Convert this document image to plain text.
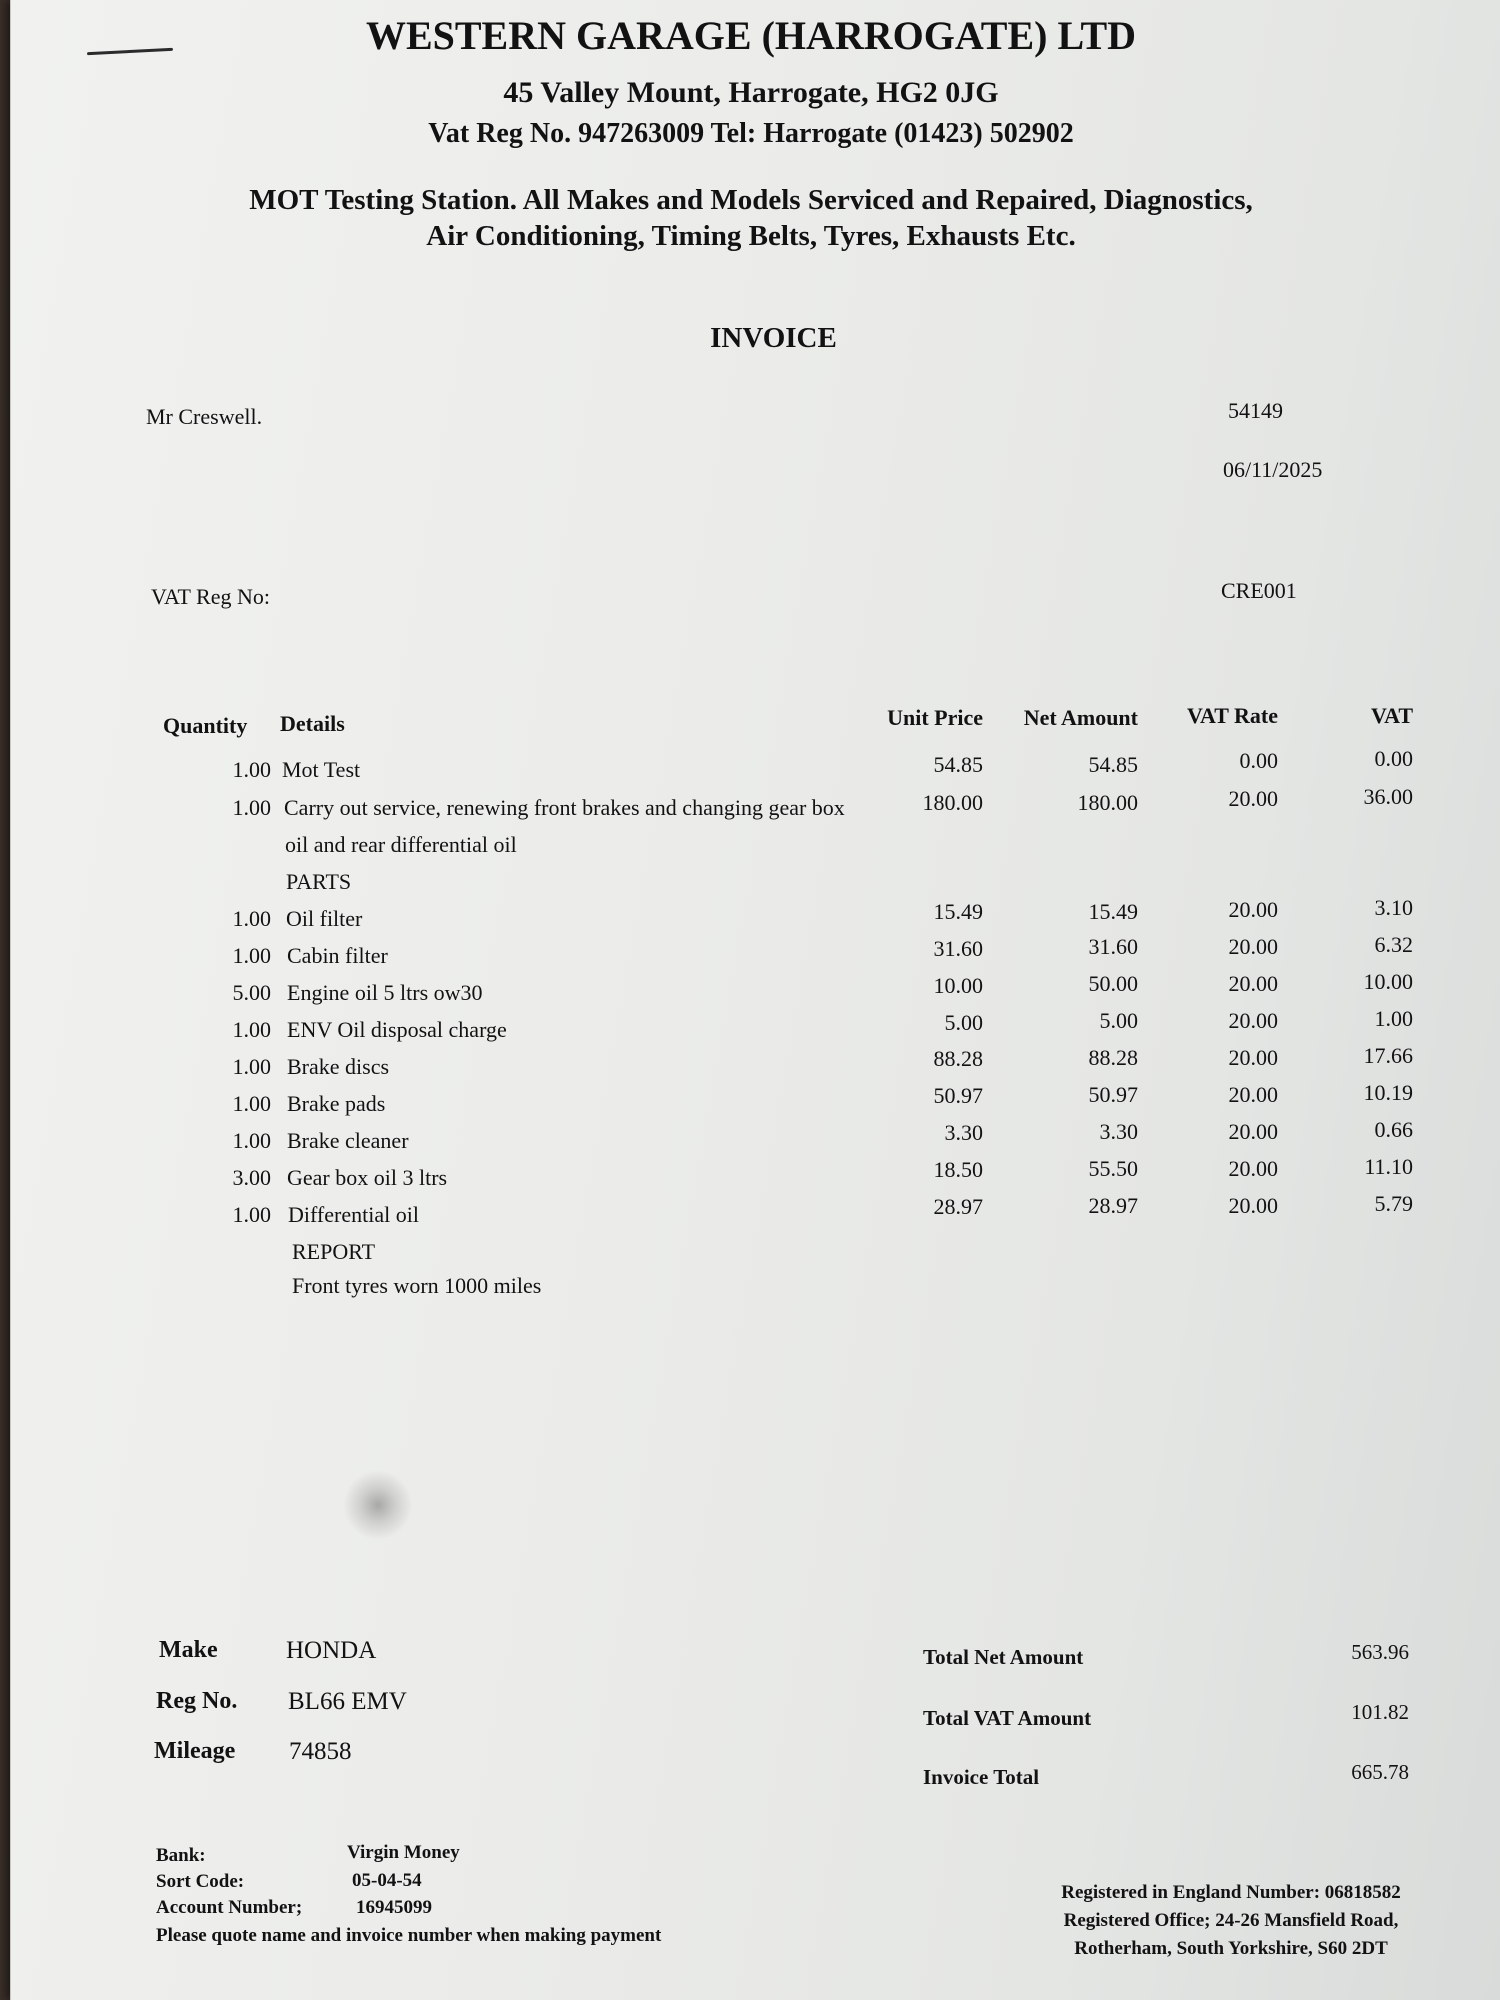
WESTERN GARAGE (HARROGATE) LTD
45 Valley Mount, Harrogate, HG2 0JG
Vat Reg No. 947263009 Tel: Harrogate (01423) 502902
MOT Testing Station. All Makes and Models Serviced and Repaired, Diagnostics,
Air Conditioning, Timing Belts, Tyres, Exhausts Etc.
INVOICE
Mr Creswell.
VAT Reg No:
54149
06/11/2025
CRE001
Quantity Details	Unit Price	Net Amount	VAT Rate	VAT
1.00 Mot Test	54.85	54.85	0.00	0.00
1.00 Carry out service, renewing front brakes and changing gear box	180.00	180.00	20.00	36.00
oil and rear differential oil
PARTS
1.00 Oil filter	15.49	15.49	20.00	3.10
1.00 Cabin filter	31.60	31.60	20.00	6.32
5.00 Engine oil 5 ltrs ow30	10.00	50.00	20.00	10.00
1.00 ENV Oil disposal charge	5.00	5.00	20.00	1.00
1.00 Brake discs	88.28	88.28	20.00	17.66
1.00 Brake pads	50.97	50.97	20.00	10.19
1.00 Brake cleaner	3.30	3.30	20.00	0.66
3.00 Gear box oil 3 ltrs	18.50	55.50	20.00	11.10
1.00 Differential oil	28.97	28.97	20.00	5.79
REPORT
Front tyres worn 1000 miles
Make	HONDA
Reg No. BL66 EMV
Mileage 74858
Total Net Amount	563.96
Total VAT Amount	101.82
Invoice Total	665.78
Bank:	Virgin Money
Sort Code:	05-04-54
Account Number;	16945099
Please quote name and invoice number when making payment
Registered in England Number: 06818582
Registered Office; 24-26 Mansfield Road,
Rotherham, South Yorkshire, S60 2DT
